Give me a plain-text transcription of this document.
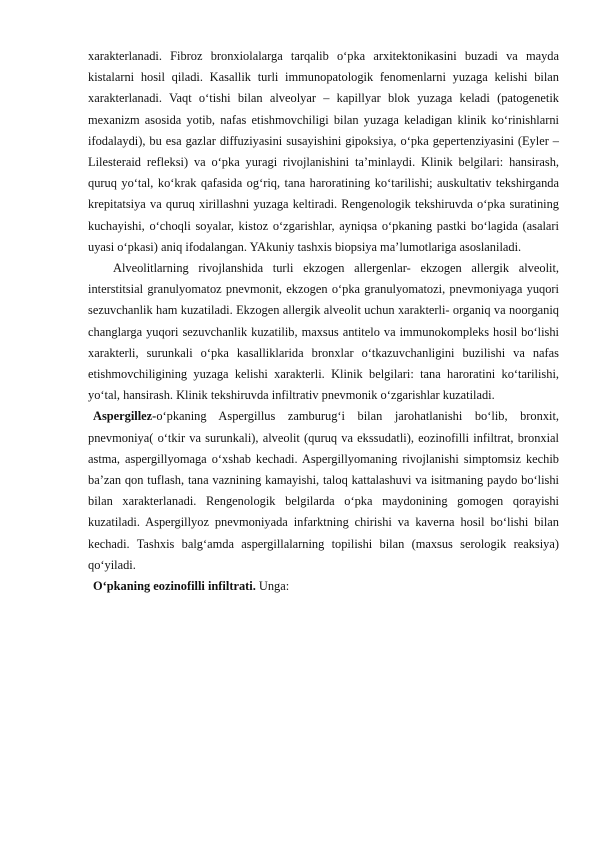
xarakterlanadi. Fibroz bronxiolalarga tarqalib o‘pka arxitektonikasini buzadi va mayda kistalarni hosil qiladi. Kasallik turli immunopatologik fenomenlarni yuzaga kelishi bilan xarakterlanadi. Vaqt o‘tishi bilan alveolyar – kapillyar blok yuzaga keladi (patogenetik mexanizm asosida yotib, nafas etishmovchiligi bilan yuzaga keladigan klinik ko‘rinishlarni ifodalaydi), bu esa gazlar diffuziyasini susayishini gipoksiya, o‘pka gepertenziyasini (Eyler – Lilesteraid refleksi) va o‘pka yuragi rivojlanishini ta’minlaydi. Klinik belgilari: hansirash, quruq yo‘tal, ko‘krak qafasida og‘riq, tana haroratining ko‘tarilishi; auskultativ tekshirganda krepitatsiya va quruq xirillashni yuzaga keltiradi. Rengenologik tekshiruvda o‘pka suratining kuchayishi, o‘choqli soyalar, kistoz o‘zgarishlar, ayniqsa o‘pkaning pastki bo‘lagida (asalari uyasi o‘pkasi) aniq ifodalangan. YAkuniy tashxis biopsiya ma’lumotlariga asoslaniladi.

Alveolitlarning rivojlanshida turli ekzogen allergenlar- ekzogen allergik alveolit, interstitsial granulyomatoz pnevmonit, ekzogen o‘pka granulyomatozi, pnevmoniyaga yuqori sezuvchanlik ham kuzatiladi. Ekzogen allergik alveolit uchun xarakterli- organiq va noorganiq changlarga yuqori sezuvchanlik kuzatilib, maxsus antitelo va immunokompleks hosil bo‘lishi xarakterli, surunkali o‘pka kasalliklarida bronxlar o‘tkazuvchanligini buzilishi va nafas etishmovchiligining yuzaga kelishi xarakterli. Klinik belgilari: tana haroratini ko‘tarilishi, yo‘tal, hansirash. Klinik tekshiruvda infiltrativ pnevmonik o‘zgarishlar kuzatiladi.

Aspergillez-o‘pkaning Aspergillus zamburug‘i bilan jarohatlanishi bo‘lib, bronxit, pnevmoniya( o‘tkir va surunkali), alveolit (quruq va ekssudatli), eozinofilli infiltrat, bronxial astma, aspergillyomaga o‘xshab kechadi. Aspergillyomaning rivojlanishi simptomsiz kechib ba’zan qon tuflash, tana vaznining kamayishi, taloq kattalashuvi va isitmaning paydo bo‘lishi bilan xarakterlanadi. Rengenologik belgilarda o‘pka maydonining gomogen qorayishi kuzatiladi. Aspergillyoz pnevmoniyada infarktning chirishi va kaverna hosil bo‘lishi bilan kechadi. Tashxis balg‘amda aspergillalarning topilishi bilan (maxsus serologik reaksiya) qo‘yiladi.

O‘pkaning eozinofilli infiltrati. Unga:
